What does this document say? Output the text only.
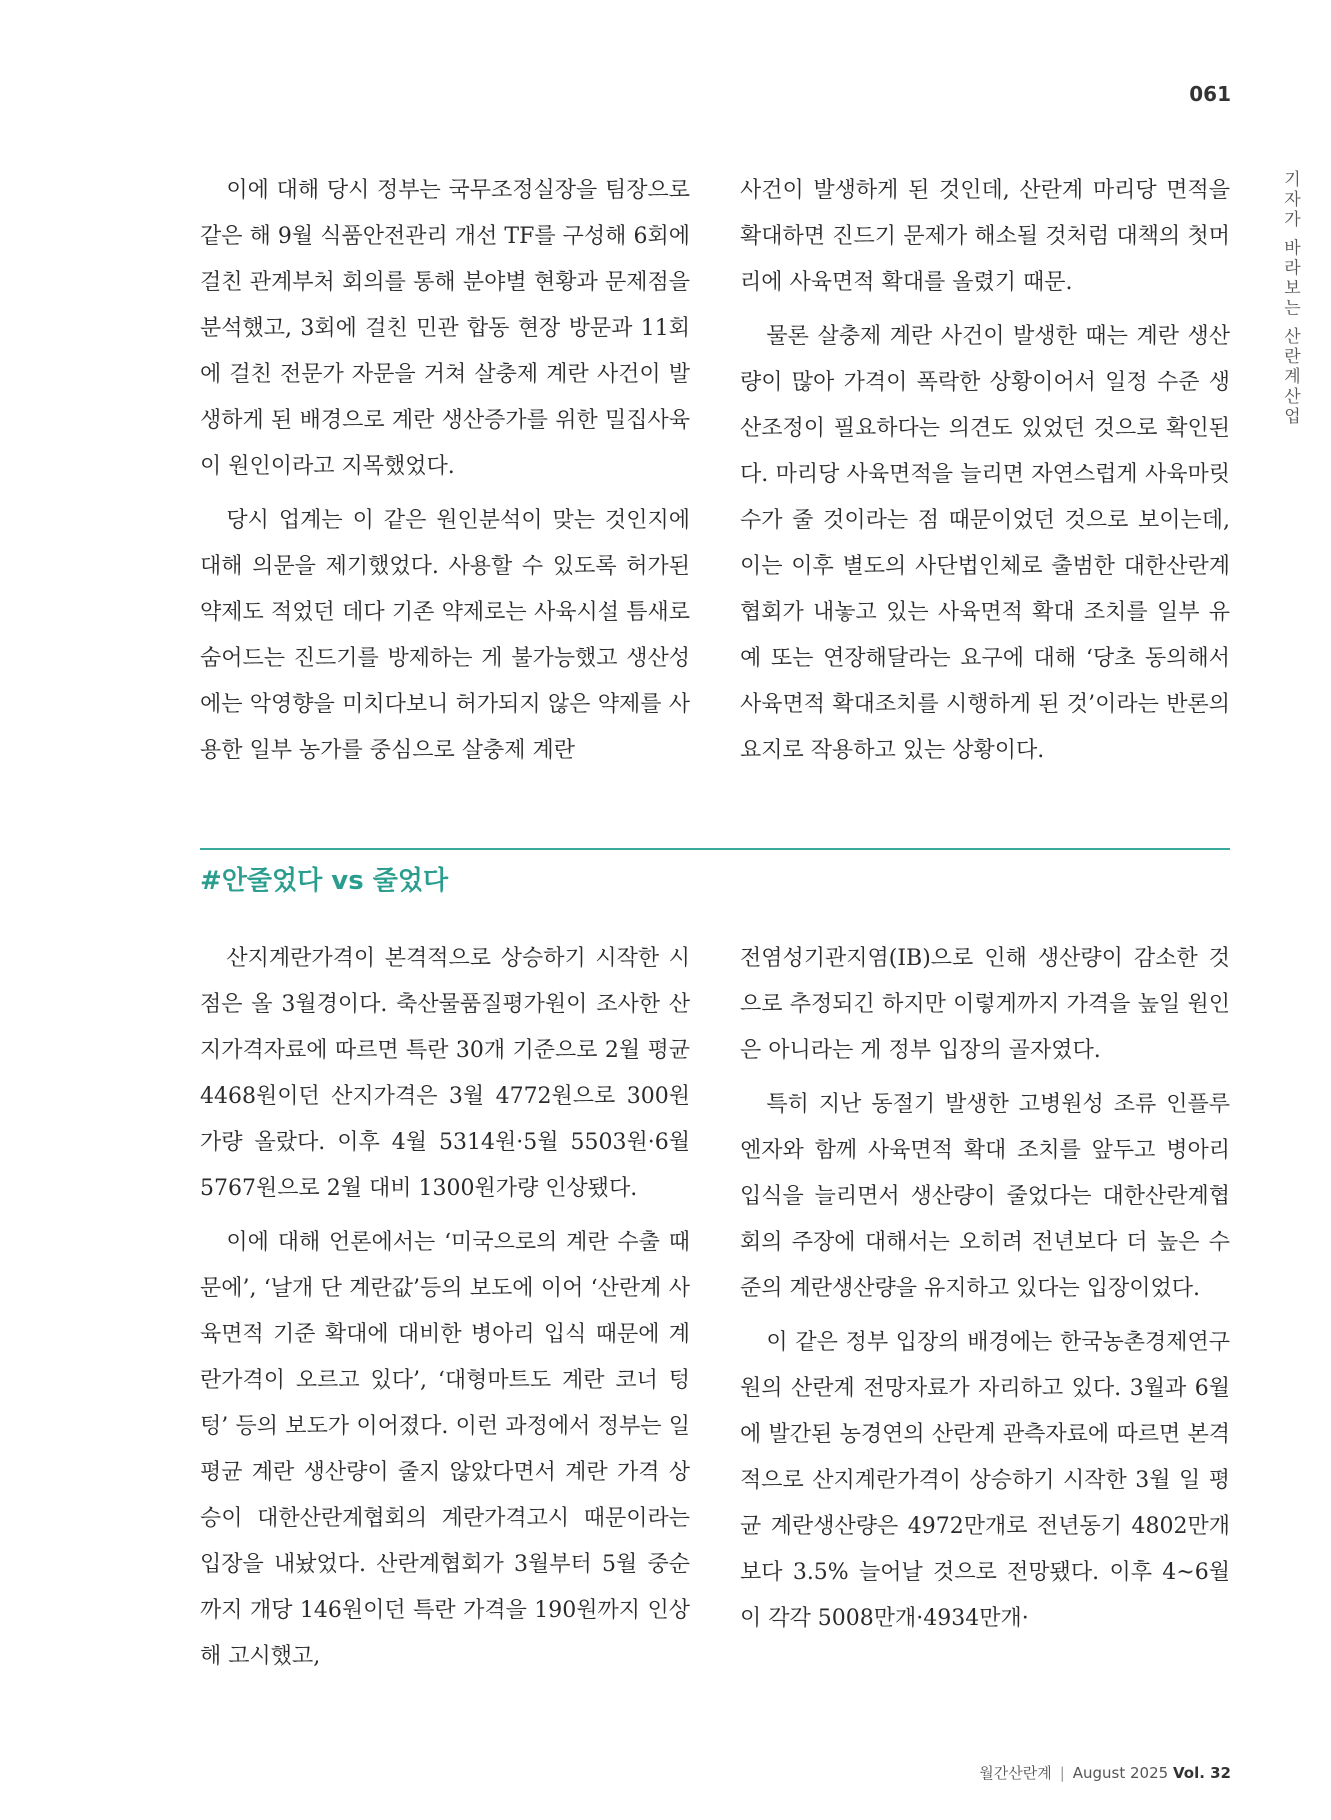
061
기자가 바라보는 산란계산업

이에 대해 당시 정부는 국무조정실장을 팀장으로 같은 해 9월 식품안전관리 개선 TF를 구성해 6회에 걸친 관계부처 회의를 통해 분야별 현황과 문제점을 분석했고, 3회에 걸친 민관 합동 현장 방문과 11회에 걸친 전문가 자문을 거쳐 살충제 계란 사건이 발생하게 된 배경으로 계란 생산증가를 위한 밀집사육이 원인이라고 지목했었다.

당시 업계는 이 같은 원인분석이 맞는 것인지에 대해 의문을 제기했었다. 사용할 수 있도록 허가된 약제도 적었던 데다 기존 약제로는 사육시설 틈새로 숨어드는 진드기를 방제하는 게 불가능했고 생산성에는 악영향을 미치다보니 허가되지 않은 약제를 사용한 일부 농가를 중심으로 살충제 계란

사건이 발생하게 된 것인데, 산란계 마리당 면적을 확대하면 진드기 문제가 해소될 것처럼 대책의 첫머리에 사육면적 확대를 올렸기 때문.

물론 살충제 계란 사건이 발생한 때는 계란 생산량이 많아 가격이 폭락한 상황이어서 일정 수준 생산조정이 필요하다는 의견도 있었던 것으로 확인된다. 마리당 사육면적을 늘리면 자연스럽게 사육마릿수가 줄 것이라는 점 때문이었던 것으로 보이는데, 이는 이후 별도의 사단법인체로 출범한 대한산란계협회가 내놓고 있는 사육면적 확대 조치를 일부 유예 또는 연장해달라는 요구에 대해 ‘당초 동의해서 사육면적 확대조치를 시행하게 된 것’이라는 반론의 요지로 작용하고 있는 상황이다.

#안줄었다 vs 줄었다

산지계란가격이 본격적으로 상승하기 시작한 시점은 올 3월경이다. 축산물품질평가원이 조사한 산지가격자료에 따르면 특란 30개 기준으로 2월 평균 4468원이던 산지가격은 3월 4772원으로 300원가량 올랐다. 이후 4월 5314원·5월 5503원·6월 5767원으로 2월 대비 1300원가량 인상됐다.

이에 대해 언론에서는 ‘미국으로의 계란 수출 때문에’, ‘날개 단 계란값’등의 보도에 이어 ‘산란계 사육면적 기준 확대에 대비한 병아리 입식 때문에 계란가격이 오르고 있다’, ‘대형마트도 계란 코너 텅텅’ 등의 보도가 이어졌다. 이런 과정에서 정부는 일평균 계란 생산량이 줄지 않았다면서 계란 가격 상승이 대한산란계협회의 계란가격고시 때문이라는 입장을 내놨었다. 산란계협회가 3월부터 5월 중순까지 개당 146원이던 특란 가격을 190원까지 인상해 고시했고,

전염성기관지염(IB)으로 인해 생산량이 감소한 것으로 추정되긴 하지만 이렇게까지 가격을 높일 원인은 아니라는 게 정부 입장의 골자였다.

특히 지난 동절기 발생한 고병원성 조류 인플루엔자와 함께 사육면적 확대 조치를 앞두고 병아리 입식을 늘리면서 생산량이 줄었다는 대한산란계협회의 주장에 대해서는 오히려 전년보다 더 높은 수준의 계란생산량을 유지하고 있다는 입장이었다.

이 같은 정부 입장의 배경에는 한국농촌경제연구원의 산란계 전망자료가 자리하고 있다. 3월과 6월에 발간된 농경연의 산란계 관측자료에 따르면 본격적으로 산지계란가격이 상승하기 시작한 3월 일 평균 계란생산량은 4972만개로 전년동기 4802만개보다 3.5% 늘어날 것으로 전망됐다. 이후 4~6월이 각각 5008만개·4934만개·

월간산란계 | August 2025 Vol. 32
